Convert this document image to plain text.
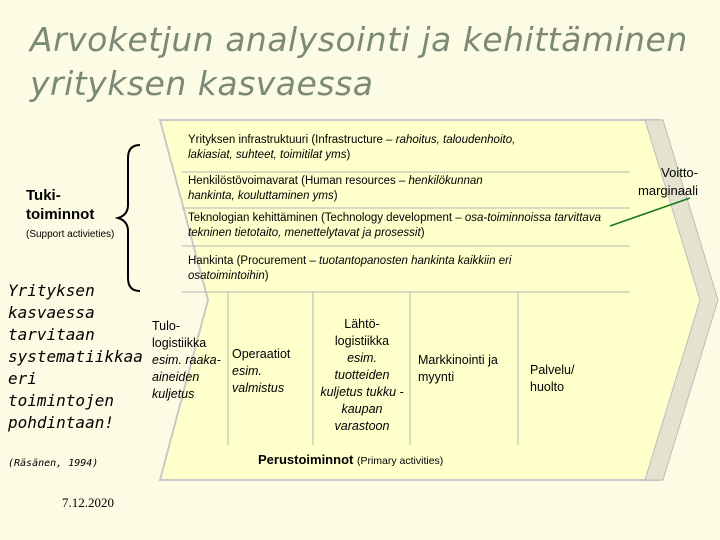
Arvoketjun analysointi ja kehittäminen yrityksen kasvaessa
Tuki-toiminnot
(Support activieties)
Yrityksen infrastruktuuri (Infrastructure – rahoitus, taloudenhoito, lakiasiat, suhteet, toimitilat yms)
Henkilöstövoimavarat (Human resources – henkilökunnan hankinta, kouluttaminen yms)
Teknologian kehittäminen (Technology development – osa-toiminnoissa tarvittava tekninen tietotaito, menettelytavat ja prosessit)
Hankinta (Procurement – tuotantopanosten hankinta kaikkiin eri osatoimintoihin)
Voitto-marginaali
Tulo-logistiikka
esim. raaka-aineiden kuljetus
Operaatiot
esim. valmistus
Lähtö-logistiikka
esim. tuotteiden kuljetus tukku -kaupan varastoon
Markkinointi ja myynti	Palvelu/ huolto
Perustoiminnot (Primary activities)
Yrityksen kasvaessa tarvitaan systematiikkaa eri toimintojen pohdintaan!
(Räsänen, 1994)
7.12.2020
